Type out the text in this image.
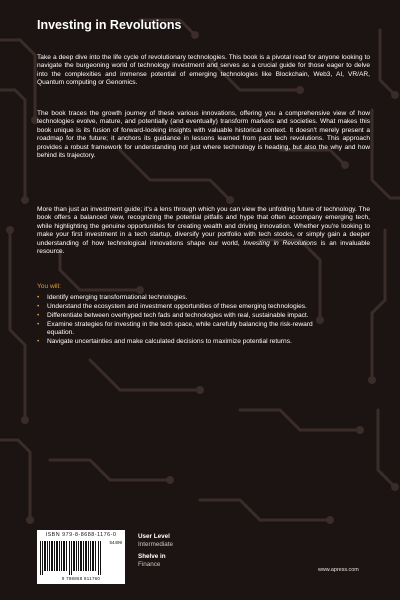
Investing in Revolutions

Take a deep dive into the life cycle of revolutionary technologies. This book is a pivotal read for anyone looking to navigate the burgeoning world of technology investment and serves as a crucial guide for those eager to delve into the complexities and immense potential of emerging technologies like Blockchain, Web3, AI, VR/AR, Quantum computing or Genomics.

The book traces the growth journey of these various innovations, offering you a comprehensive view of how technologies evolve, mature, and potentially (and eventually) transform markets and societies. What makes this book unique is its fusion of forward-looking insights with valuable historical context. It doesn't merely present a roadmap for the future; it anchors its guidance in lessons learned from past tech revolutions. This approach provides a robust framework for understanding not just where technology is heading, but also the why and how behind its trajectory.

More than just an investment guide; it's a lens through which you can view the unfolding future of technology. The book offers a balanced view, recognizing the potential pitfalls and hype that often accompany emerging tech, while highlighting the genuine opportunities for creating wealth and driving innovation. Whether you're looking to make your first investment in a tech startup, diversify your portfolio with tech stocks, or simply gain a deeper understanding of how technological innovations shape our world, Investing in Revolutions is an invaluable resource.

You will:
• Identify emerging transformational technologies.
• Understand the ecosystem and investment opportunities of these emerging technologies.
• Differentiate between overhyped tech fads and technologies with real, sustainable impact.
• Examine strategies for investing in the tech space, while carefully balancing the risk-reward equation.
• Navigate uncertainties and make calculated decisions to maximize potential returns.
ISBN 979-8-8688-1176-0
54499
9 798868 811760
User Level
Intermediate
Shelve in
Finance
www.apress.com
